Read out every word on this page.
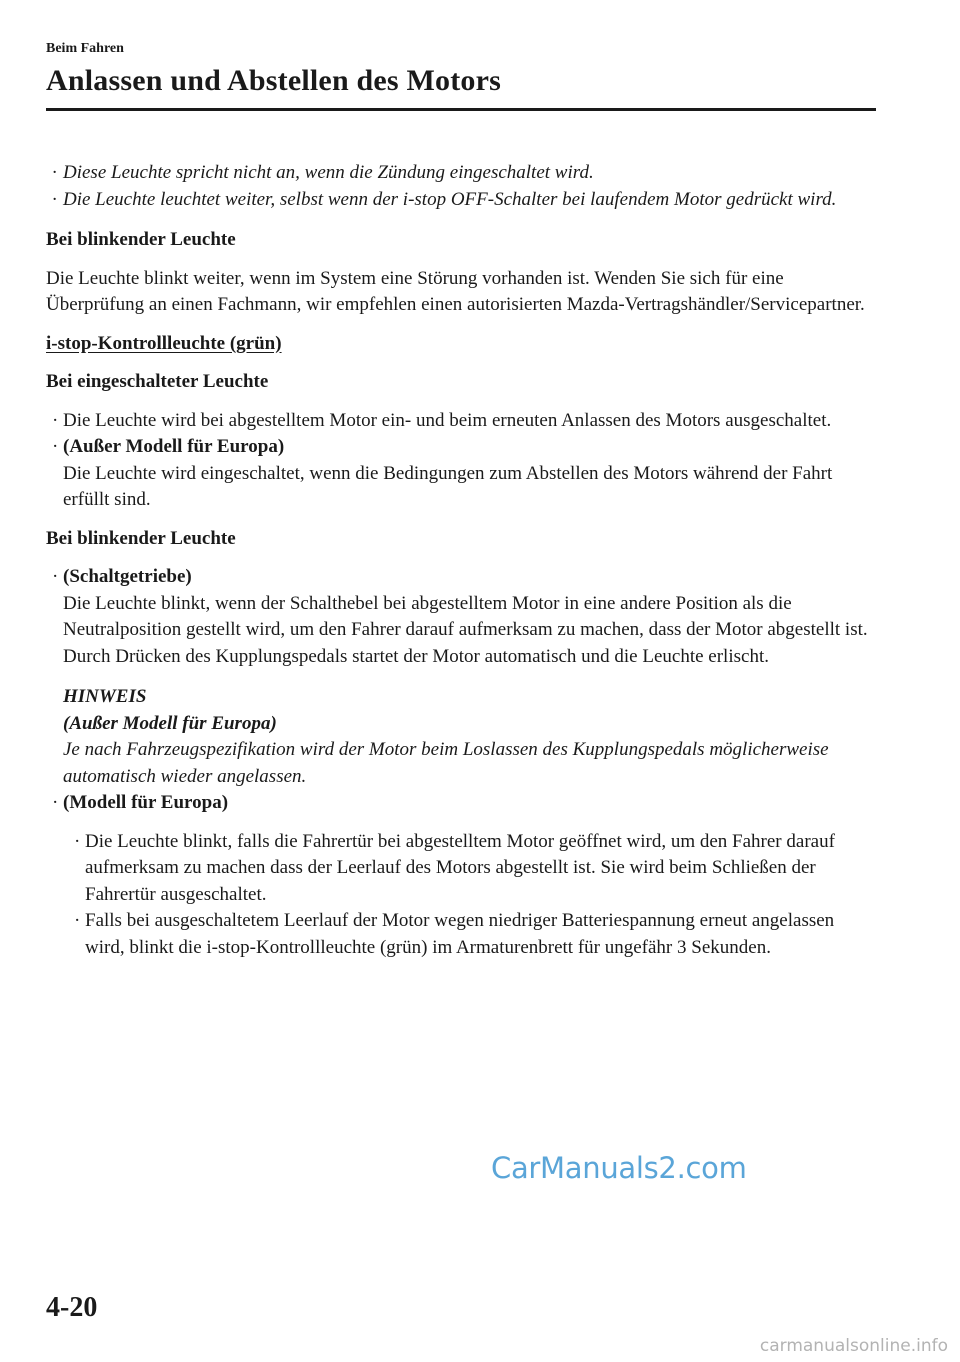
Beim Fahren
Anlassen und Abstellen des Motors
· Diese Leuchte spricht nicht an, wenn die Zündung eingeschaltet wird.
· Die Leuchte leuchtet weiter, selbst wenn der i-stop OFF-Schalter bei laufendem Motor gedrückt wird.
Bei blinkender Leuchte
Die Leuchte blinkt weiter, wenn im System eine Störung vorhanden ist. Wenden Sie sich für eine Überprüfung an einen Fachmann, wir empfehlen einen autorisierten Mazda-Vertragshändler/Servicepartner.
i-stop-Kontrollleuchte (grün)
Bei eingeschalteter Leuchte
· Die Leuchte wird bei abgestelltem Motor ein- und beim erneuten Anlassen des Motors ausgeschaltet.
· (Außer Modell für Europa)
Die Leuchte wird eingeschaltet, wenn die Bedingungen zum Abstellen des Motors während der Fahrt erfüllt sind.
Bei blinkender Leuchte
· (Schaltgetriebe)
Die Leuchte blinkt, wenn der Schalthebel bei abgestelltem Motor in eine andere Position als die Neutralposition gestellt wird, um den Fahrer darauf aufmerksam zu machen, dass der Motor abgestellt ist.
Durch Drücken des Kupplungspedals startet der Motor automatisch und die Leuchte erlischt.
HINWEIS
(Außer Modell für Europa)
Je nach Fahrzeugspezifikation wird der Motor beim Loslassen des Kupplungspedals möglicherweise automatisch wieder angelassen.
· (Modell für Europa)
· Die Leuchte blinkt, falls die Fahrertür bei abgestelltem Motor geöffnet wird, um den Fahrer darauf aufmerksam zu machen dass der Leerlauf des Motors abgestellt ist. Sie wird beim Schließen der Fahrertür ausgeschaltet.
· Falls bei ausgeschaltetem Leerlauf der Motor wegen niedriger Batteriespannung erneut angelassen wird, blinkt die i-stop-Kontrollleuchte (grün) im Armaturenbrett für ungefähr 3 Sekunden.
CarManuals2.com
4-20
carmanualsonline.info
